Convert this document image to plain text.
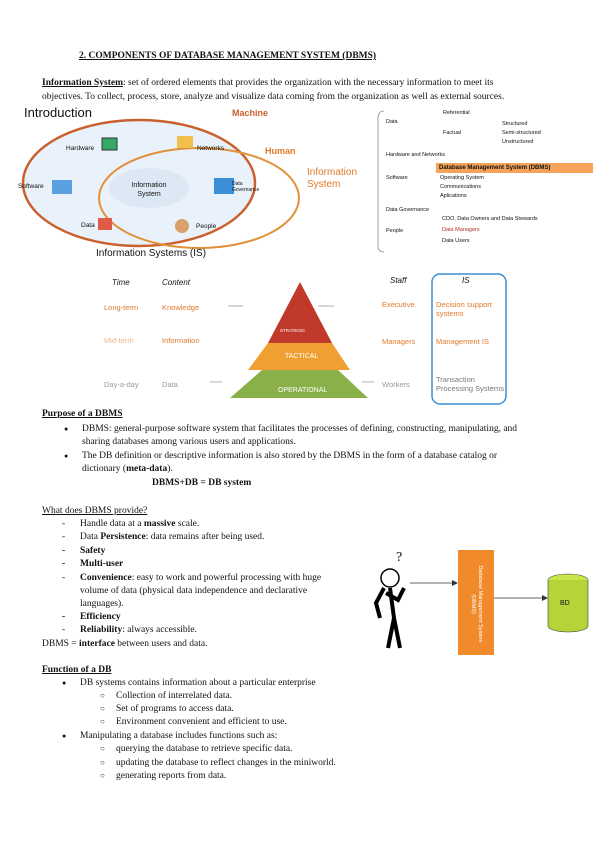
2. COMPONENTS OF DATABASE MANAGEMENT SYSTEM (DBMS)
Information System: set of ordered elements that provides the organization with the necessary information to meet its
objectives. To collect, process, store, analyze and visualize data coming from the organization as well as external sources.
Introduction	Machine
Human
Information System
Hardware	Networks
Software	Information System
Data Governance
Data	People
Information Systems (IS)
Data
Referential
Factual
Structured
Semi-structured
Unstructured
Hardware and Networks
Software
Database Management System (DBMS)
Operating System
Communications
Aplications
Data Governance
People
CDO, Data Owners and Data Stewards
Data Managers
Data Users
Time	Content	Staff	IS
Long-term	Knowledge	Executive	Decision support systems
STRATEGIC
Mid-term	Information	Managers	Management IS
TACTICAL
Day-a-day	Data	Workers
Transaction Processing Systems
OPERATIONAL
Purpose of a DBMS
● DBMS: general-purpose software system that facilitates the processes of defining, constructing, manipulating, and
sharing databases among various users and applications.
● The DB definition or descriptive information is also stored by the DBMS in the form of a database catalog or
dictionary (meta-data).
DBMS+DB = DB system
What does DBMS provide?
- Handle data at a massive scale.
- Data Persistence: data remains after being used.
- Safety
- Multi-user
- Convenience: easy to work and powerful processing with huge
volume of data (physical data independence and declarative
languages).
- Efficiency
- Reliability: always accessible.
DBMS = interface between users and data.
?
Database Management System (DBMS)	BD
Function of a DB
● DB systems contains information about a particular enterprise
○ Collection of interrelated data.
○ Set of programs to access data.
○ Environment convenient and efficient to use.
● Manipulating a database includes functions such as:
○ querying the database to retrieve specific data.
○ updating the database to reflect changes in the miniworld.
○ generating reports from data.
